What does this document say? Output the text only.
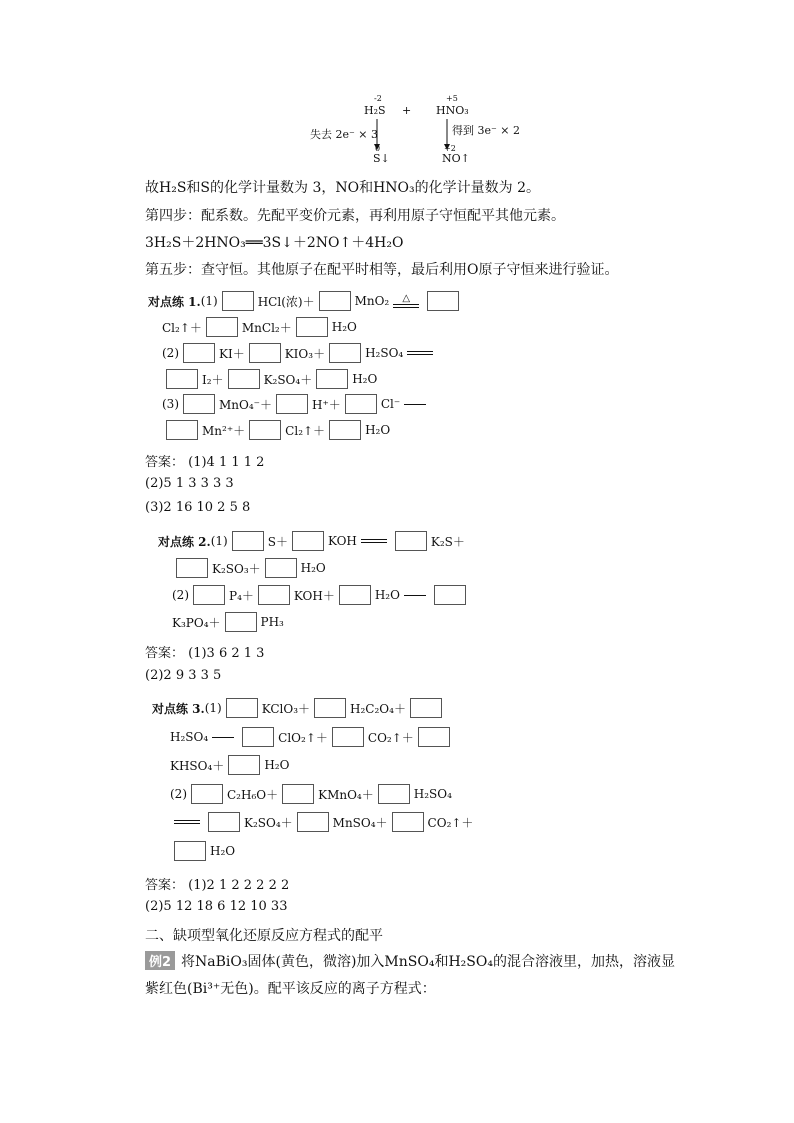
-2
H₂S +
+5
HNO₃
失去 2e⁻ × 3	得到 3e⁻ × 2
0
S↓
+2
NO↑
故H₂S和S的化学计量数为 3，NO和HNO₃的化学计量数为 2。
第四步：配系数。先配平变价元素，再利用原子守恒配平其他元素。
3H₂S＋2HNO₃══3S↓＋2NO↑＋4H₂O
第五步：查守恒。其他原子在配平时相等，最后利用O原子守恒来进行验证。
对点练 1. (1)	HCl(浓)＋	MnO₂ △
Cl₂↑＋	MnCl₂＋	H₂O
(2)	KI＋	KIO₃＋	H₂SO₄
I₂＋	K₂SO₄＋	H₂O
(3)	MnO₄⁻＋	H⁺＋	Cl⁻
Mn²⁺＋	Cl₂↑＋	H₂O
答案： (1)4 1 1 1 2
(2)5 1 3 3 3 3
(3)2 16 10 2 5 8
对点练 2. (1)	S＋	KOH	K₂S＋
K₂SO₃＋	H₂O
(2)	P₄＋	KOH＋	H₂O
K₃PO₄＋	PH₃
答案： (1)3 6 2 1 3
(2)2 9 3 3 5
对点练 3. (1)	KClO₃＋	H₂C₂O₄＋
H₂SO₄	ClO₂↑＋	CO₂↑＋
KHSO₄＋	H₂O
(2)	C₂H₆O＋	KMnO₄＋	H₂SO₄
K₂SO₄＋	MnSO₄＋	CO₂↑＋
H₂O
答案： (1)2 1 2 2 2 2 2
(2)5 12 18 6 12 10 33
二、缺项型氧化还原反应方程式的配平
例2 将NaBiO₃固体(黄色，微溶)加入MnSO₄和H₂SO₄的混合溶液里，加热，溶液显
紫红色(Bi³⁺无色)。配平该反应的离子方程式：
